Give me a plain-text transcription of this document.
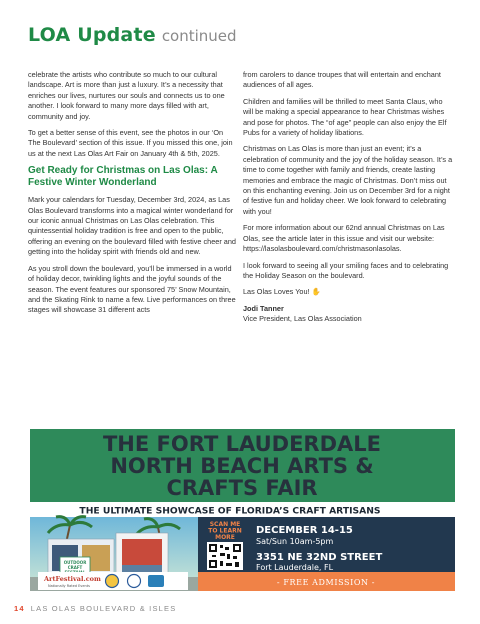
LOA Update continued

celebrate the artists who contribute so much to our cultural landscape. Art is more than just a luxury. It’s a necessity that enriches our lives, nurtures our souls and connects us to one another. I look forward to many more days filled with art, community and joy.

To get a better sense of this event, see the photos in our ‘On The Boulevard’ section of this issue. If you missed this one, join us at the next Las Olas Art Fair on January 4th & 5th, 2025.

Get Ready for Christmas on Las Olas: A Festive Winter Wonderland

Mark your calendars for Tuesday, December 3rd, 2024, as Las Olas Boulevard transforms into a magical winter wonderland for our iconic annual Christmas on Las Olas celebration. This quintessential holiday tradition is free and open to the public, offering an evening on the boulevard filled with festive cheer and getting into the holiday spirit with friends old and new.

As you stroll down the boulevard, you’ll be immersed in a world of holiday decor, twinkling lights and the joyful sounds of the season. The event features our sponsored 75’ Snow Mountain, and the Skating Rink to name a few. Live performances on three stages will showcase 31 different acts

from carolers to dance troupes that will entertain and enchant audiences of all ages.

Children and families will be thrilled to meet Santa Claus, who will be making a special appearance to hear Christmas wishes and pose for photos. The “of age” people can also enjoy the Elf Pubs for a variety of holiday libations.

Christmas on Las Olas is more than just an event; it’s a celebration of community and the joy of the holiday season. It’s a time to come together with family and friends, create lasting memories and embrace the magic of Christmas. Don’t miss out on this enchanting evening. Join us on December 3rd for a night of festive fun and holiday cheer. We look forward to celebrating with you!

For more information about our 62nd annual Christmas on Las Olas, see the article later in this issue and visit our website: https://lasolasboulevard.com/christmasonlasolas.

I look forward to seeing all your smiling faces and to celebrating the Holiday Season on the boulevard.

Las Olas Loves You! ✋

Jodi Tanner
Vice President, Las Olas Association
THE FORT LAUDERDALE
NORTH BEACH ARTS &
CRAFTS FAIR
THE ULTIMATE SHOWCASE OF FLORIDA’S CRAFT ARTISANS
OUTDOOR
CRAFT
ArtFestival.com
Nationally Rated Events
SCAN ME
TO LEARN
MORE
DECEMBER 14-15
Sat/Sun 10am-5pm
3351 NE 32ND STREET
Fort Lauderdale, FL
- FREE ADMISSION -
14 LAS OLAS BOULEVARD & ISLES
